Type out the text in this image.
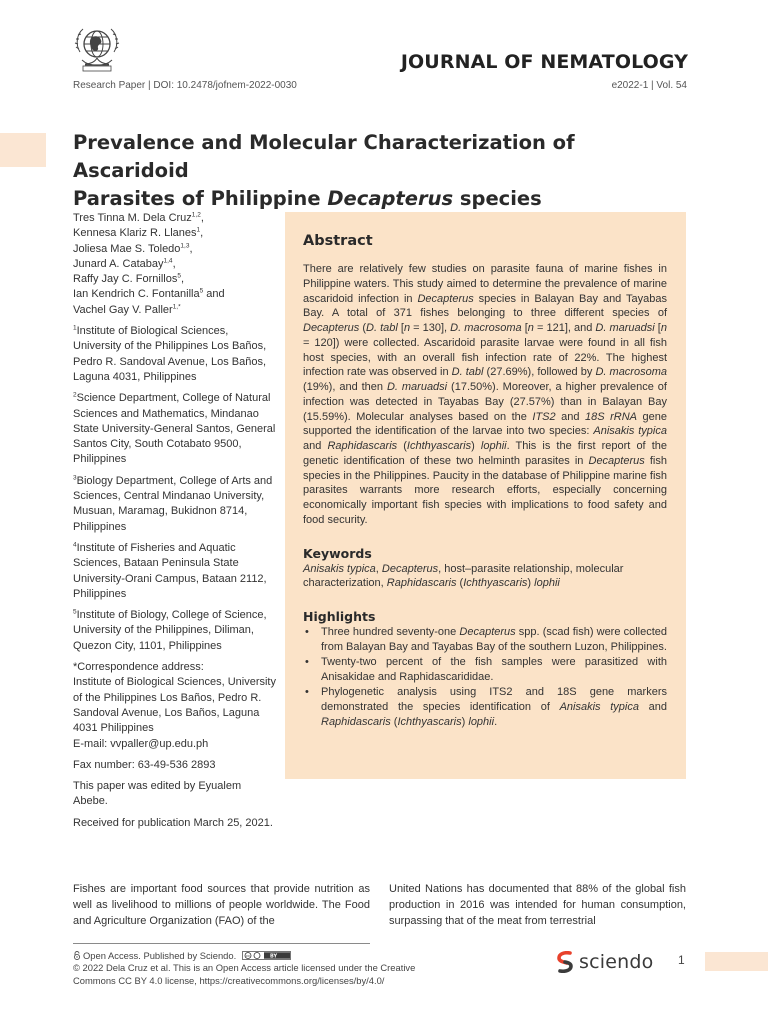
JOURNAL OF NEMATOLOGY
Research Paper | DOI: 10.2478/jofnem-2022-0030	e2022-1 | Vol. 54
Prevalence and Molecular Characterization of Ascaridoid
Parasites of Philippine Decapterus species
Tres Tinna M. Dela Cruz$^{1,2}$,
Kennesa Klariz R. Llanes$^1$,
Joliesa Mae S. Toledo$^{1,3}$,
Junard A. Catabay$^{1,4}$,
Raffy Jay C. Fornillos$^5$,
Ian Kendrich C. Fontanilla$^5$ and
Vachel Gay V. Paller$^{1,*}$
$^1$Institute of Biological Sciences, University of the Philippines Los Baños, Pedro R. Sandoval Avenue, Los Baños, Laguna 4031, Philippines
$^2$Science Department, College of Natural Sciences and Mathematics, Mindanao State University-General Santos, General Santos City, South Cotabato 9500, Philippines
$^3$Biology Department, College of Arts and Sciences, Central Mindanao University, Musuan, Maramag, Bukidnon 8714, Philippines
$^4$Institute of Fisheries and Aquatic Sciences, Bataan Peninsula State University-Orani Campus, Bataan 2112, Philippines
$^5$Institute of Biology, College of Science, University of the Philippines, Diliman, Quezon City, 1101, Philippines
*Correspondence address:
Institute of Biological Sciences, University of the Philippines Los Baños, Pedro R. Sandoval Avenue, Los Baños, Laguna 4031 Philippines
E-mail: vvpaller@up.edu.ph
Fax number: 63-49-536 2893
This paper was edited by Eyualem Abebe.
Received for publication March 25, 2021.
Abstract

There are relatively few studies on parasite fauna of marine fishes in Philippine waters. This study aimed to determine the prevalence of marine ascaridoid infection in Decapterus species in Balayan Bay and Tayabas Bay. A total of 371 fishes belonging to three different species of Decapterus (D. tabl [n = 130], D. macrosoma [n = 121], and D. maruadsi [n = 120]) were collected. Ascaridoid parasite larvae were found in all fish host species, with an overall fish infection rate of 22%. The highest infection rate was observed in D. tabl (27.69%), followed by D. macrosoma (19%), and then D. maruadsi (17.50%). Moreover, a higher prevalence of infection was detected in Tayabas Bay (27.57%) than in Balayan Bay (15.59%). Molecular analyses based on the ITS2 and 18S rRNA gene supported the identification of the larvae into two species: Anisakis typica and Raphidascaris (Ichthyascaris) lophii. This is the first report of the genetic identification of these two helminth parasites in Decapterus fish species in the Philippines. Paucity in the database of Philippine marine fish parasites warrants more research efforts, especially concerning economically important fish species with implications to food safety and food security.

Keywords

Anisakis typica, Decapterus, host–parasite relationship, molecular characterization, Raphidascaris (Ichthyascaris) lophii

Highlights
• Three hundred seventy-one Decapterus spp. (scad fish) were collected from Balayan Bay and Tayabas Bay of the southern Luzon, Philippines.
• Twenty-two percent of the fish samples were parasitized with Anisakidae and Raphidascarididae.
• Phylogenetic analysis using ITS2 and 18S gene markers demonstrated the species identification of Anisakis typica and Raphidascaris (Ichthyascaris) lophii.

Fishes are important food sources that provide nutrition as well as livelihood to millions of people worldwide. The Food and Agriculture Organization (FAO) of the

United Nations has documented that 88% of the global fish production in 2016 was intended for human consumption, surpassing that of the meat from terrestrial

Open Access. Published by Sciendo.	cc	BY
© 2022 Dela Cruz et al. This is an Open Access article licensed under the Creative Commons CC BY 4.0 license, https://creativecommons.org/licenses/by/4.0/
sciendo 1
